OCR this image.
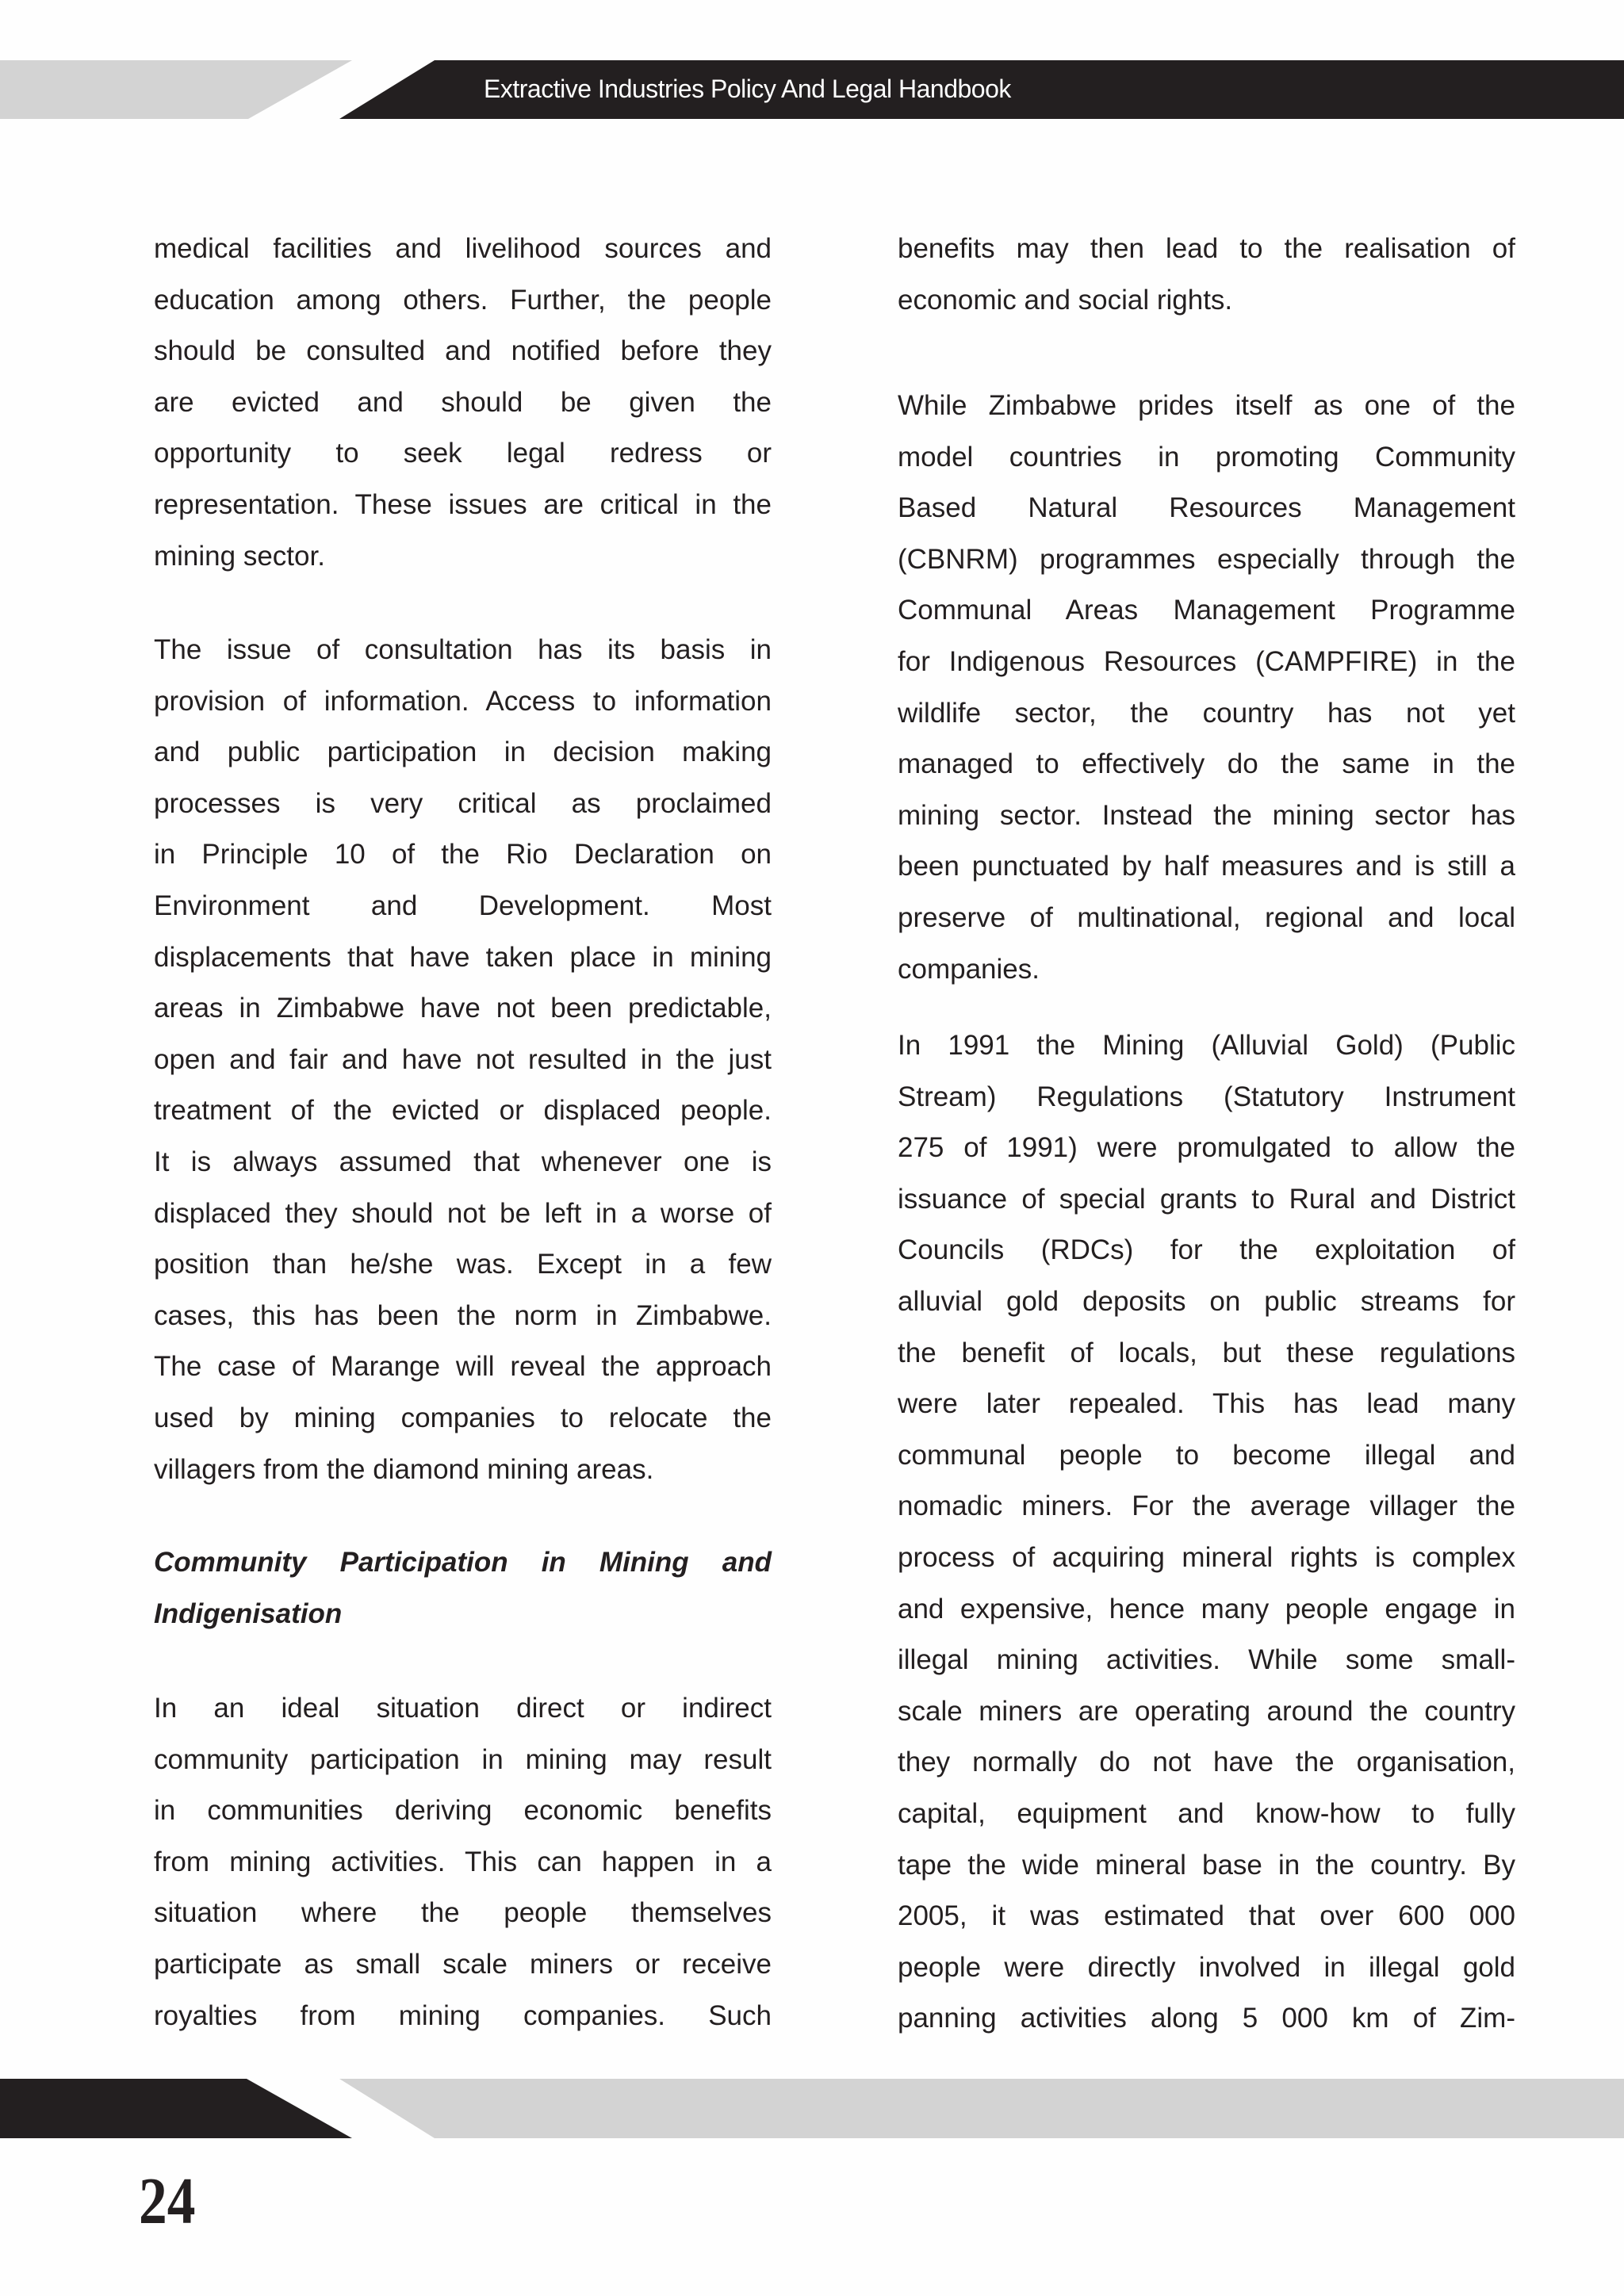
Extractive Industries Policy And Legal Handbook
medical facilities and livelihood sources and
education among others. Further, the people
should be consulted and notified before they
are evicted and should be given the
opportunity to seek legal redress or
representation. These issues are critical in the
mining sector.
The issue of consultation has its basis in
provision of information. Access to information
and public participation in decision making
processes is very critical as proclaimed
in Principle 10 of the Rio Declaration on
Environment and Development. Most
displacements that have taken place in mining
areas in Zimbabwe have not been predictable,
open and fair and have not resulted in the just
treatment of the evicted or displaced people.
It is always assumed that whenever one is
displaced they should not be left in a worse of
position than he/she was. Except in a few
cases, this has been the norm in Zimbabwe.
The case of Marange will reveal the approach
used by mining companies to relocate the
villagers from the diamond mining areas.
Community Participation in Mining and
Indigenisation
In an ideal situation direct or indirect
community participation in mining may result
in communities deriving economic benefits
from mining activities. This can happen in a
situation where the people themselves
participate as small scale miners or receive
royalties from mining companies. Such
benefits may then lead to the realisation of
economic and social rights.
While Zimbabwe prides itself as one of the
model countries in promoting Community
Based Natural Resources Management
(CBNRM) programmes especially through the
Communal Areas Management Programme
for Indigenous Resources (CAMPFIRE) in the
wildlife sector, the country has not yet
managed to effectively do the same in the
mining sector. Instead the mining sector has
been punctuated by half measures and is still a
preserve of multinational, regional and local
companies.
In 1991 the Mining (Alluvial Gold) (Public
Stream) Regulations (Statutory Instrument
275 of 1991) were promulgated to allow the
issuance of special grants to Rural and District
Councils (RDCs) for the exploitation of
alluvial gold deposits on public streams for
the benefit of locals, but these regulations
were later repealed. This has lead many
communal people to become illegal and
nomadic miners. For the average villager the
process of acquiring mineral rights is complex
and expensive, hence many people engage in
illegal mining activities. While some small-
scale miners are operating around the country
they normally do not have the organisation,
capital, equipment and know-how to fully
tape the wide mineral base in the country. By
2005, it was estimated that over 600 000
people were directly involved in illegal gold
panning activities along 5 000 km of Zim-
24
